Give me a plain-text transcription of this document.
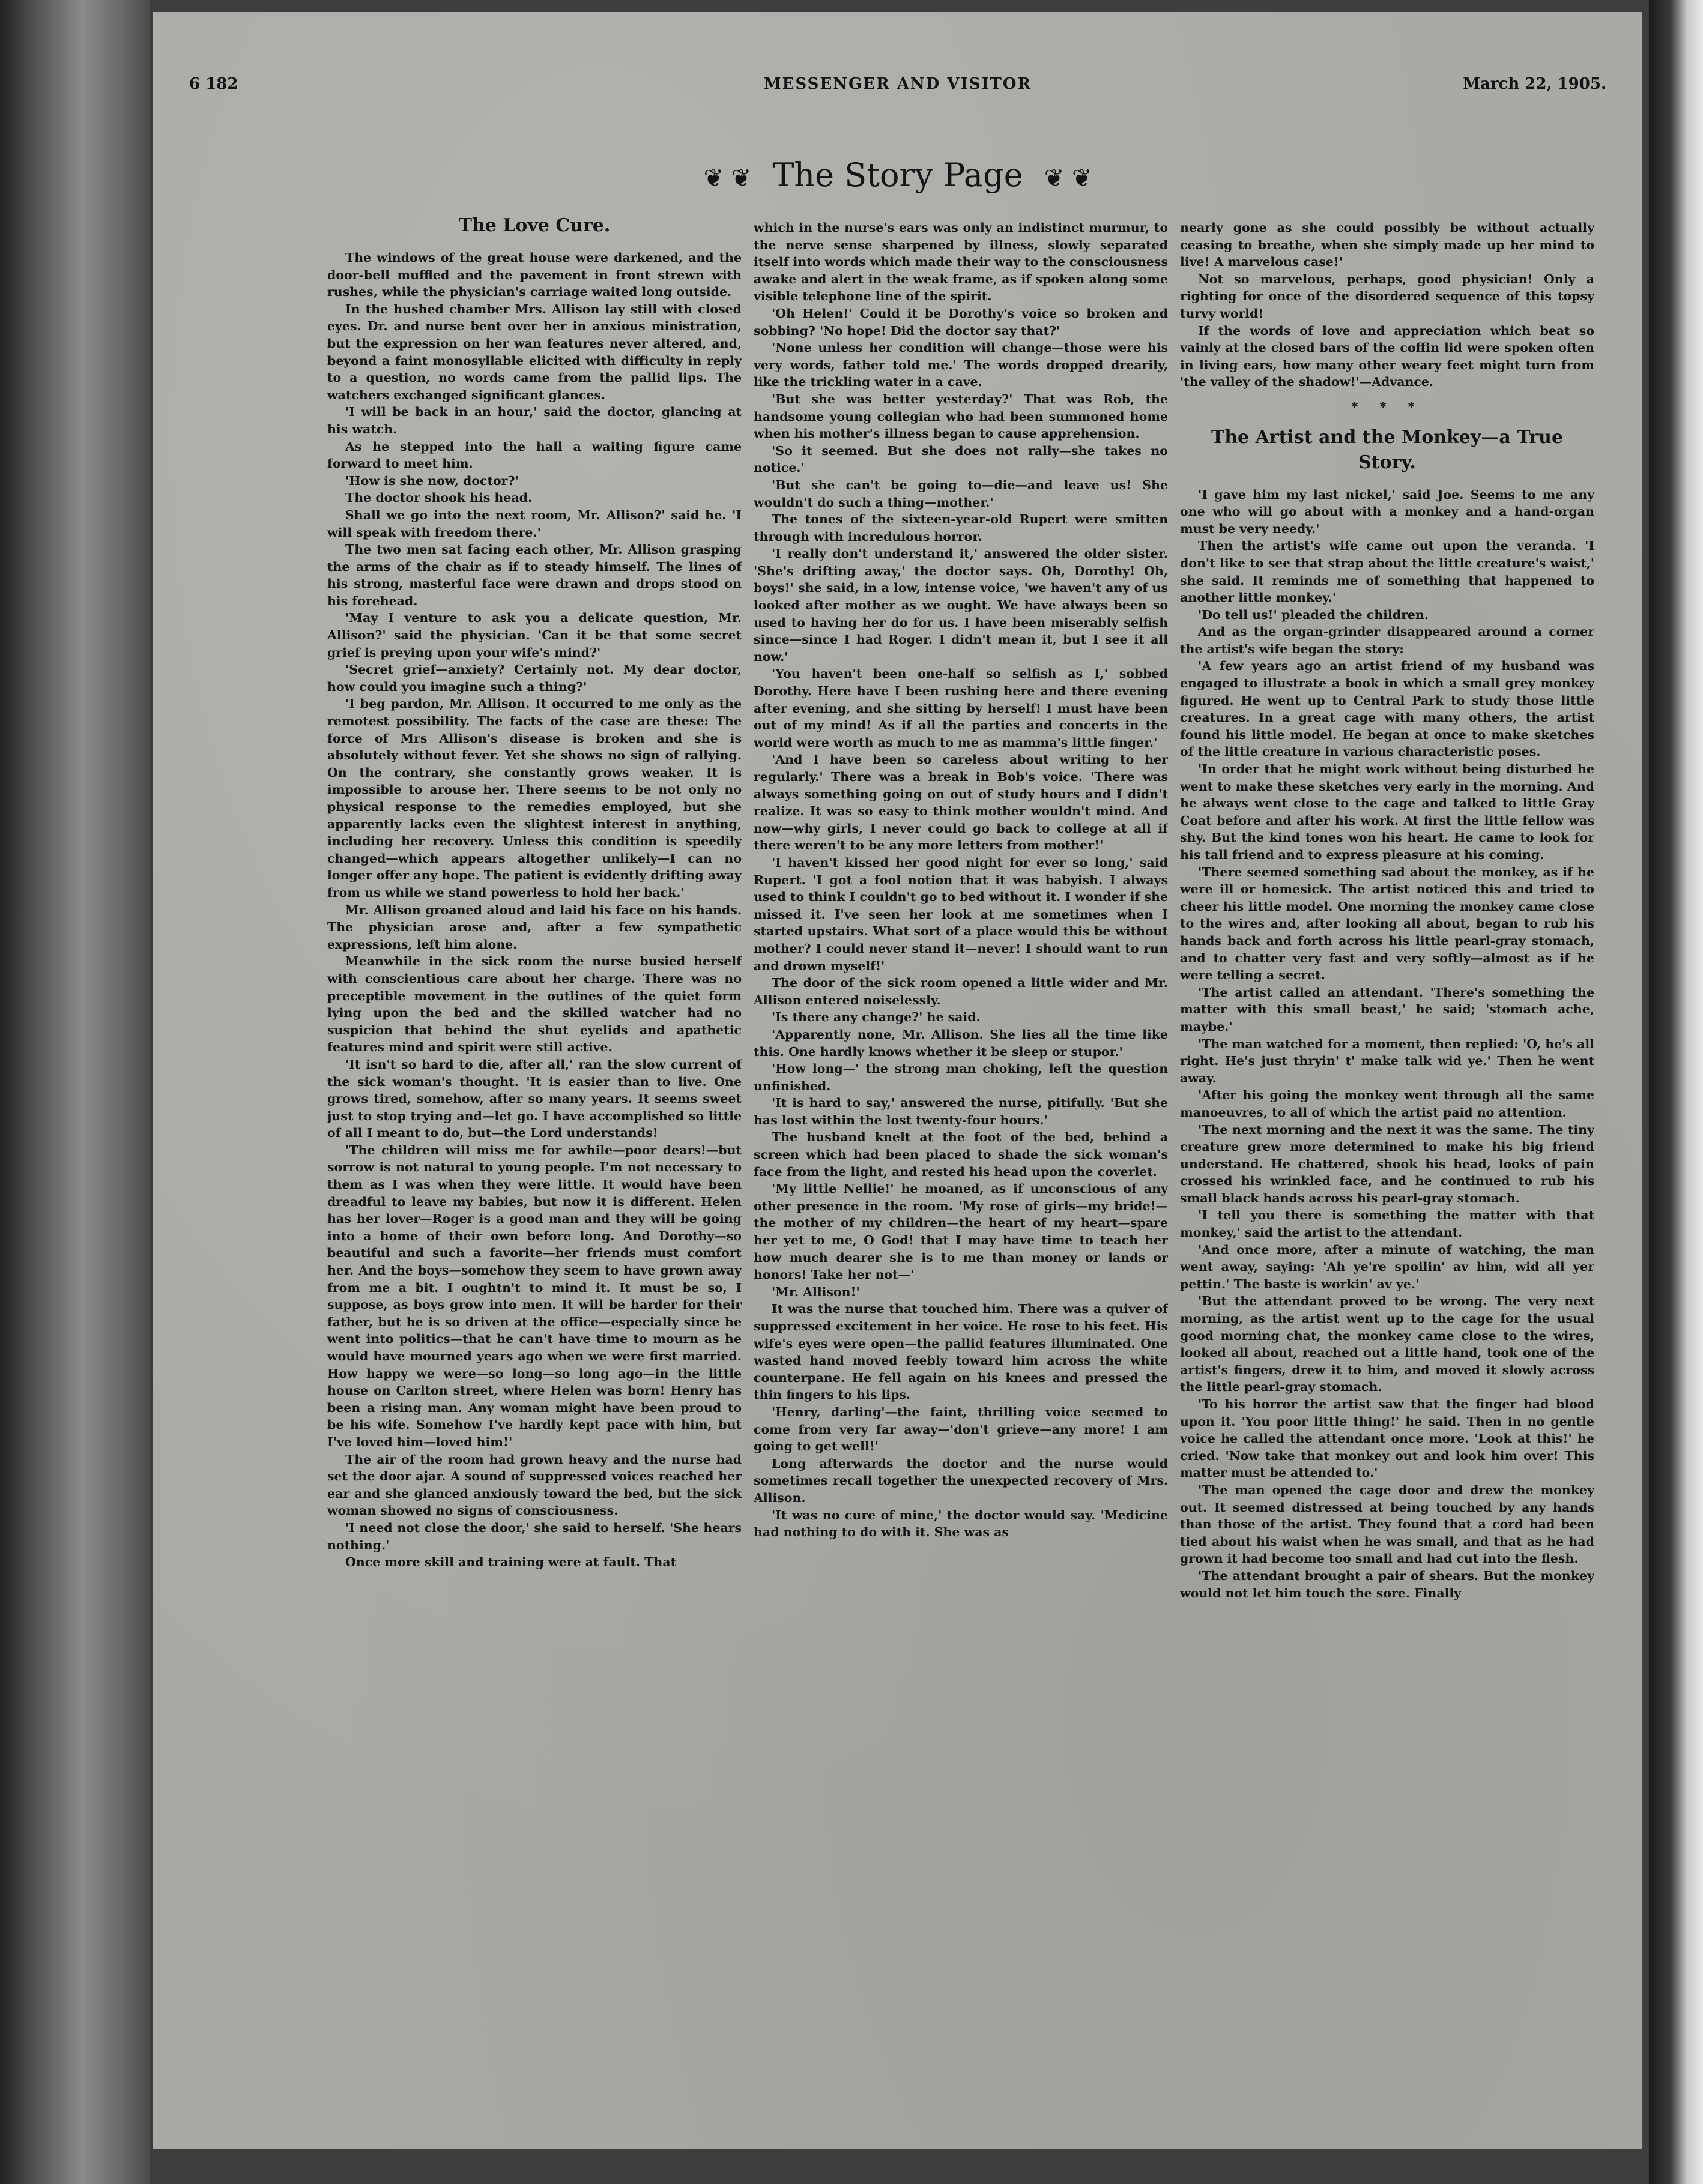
6 182	MESSENGER AND VISITOR	March 22, 1905.
❦ ❦ The Story Page ❦ ❦
The Love Cure.

The windows of the great house were darkened, and the door-bell muffled and the pavement in front strewn with rushes, while the physician's carriage waited long outside.

In the hushed chamber Mrs. Allison lay still with closed eyes. Dr. and nurse bent over her in anxious ministration, but the expression on her wan features never altered, and, beyond a faint monosyllable elicited with difficulty in reply to a question, no words came from the pallid lips. The watchers exchanged significant glances.

'I will be back in an hour,' said the doctor, glancing at his watch.

As he stepped into the hall a waiting figure came forward to meet him.

'How is she now, doctor?'

The doctor shook his head.

Shall we go into the next room, Mr. Allison?' said he. 'I will speak with freedom there.'

The two men sat facing each other, Mr. Allison grasping the arms of the chair as if to steady himself. The lines of his strong, masterful face were drawn and drops stood on his forehead.

'May I venture to ask you a delicate question, Mr. Allison?' said the physician. 'Can it be that some secret grief is preying upon your wife's mind?'

'Secret grief—anxiety? Certainly not. My dear doctor, how could you imagine such a thing?'

'I beg pardon, Mr. Allison. It occurred to me only as the remotest possibility. The facts of the case are these: The force of Mrs Allison's disease is broken and she is absolutely without fever. Yet she shows no sign of rallying. On the contrary, she constantly grows weaker. It is impossible to arouse her. There seems to be not only no physical response to the remedies employed, but she apparently lacks even the slightest interest in anything, including her recovery. Unless this condition is speedily changed—which appears altogether unlikely—I can no longer offer any hope. The patient is evidently drifting away from us while we stand powerless to hold her back.'

Mr. Allison groaned aloud and laid his face on his hands. The physician arose and, after a few sympathetic expressions, left him alone.

Meanwhile in the sick room the nurse busied herself with conscientious care about her charge. There was no preceptible movement in the outlines of the quiet form lying upon the bed and the skilled watcher had no suspicion that behind the shut eyelids and apathetic features mind and spirit were still active.

'It isn't so hard to die, after all,' ran the slow current of the sick woman's thought. 'It is easier than to live. One grows tired, somehow, after so many years. It seems sweet just to stop trying and—let go. I have accomplished so little of all I meant to do, but—the Lord understands!

'The children will miss me for awhile—poor dears!—but sorrow is not natural to young people. I'm not necessary to them as I was when they were little. It would have been dreadful to leave my babies, but now it is different. Helen has her lover—Roger is a good man and they will be going into a home of their own before long. And Dorothy—so beautiful and such a favorite—her friends must comfort her. And the boys—somehow they seem to have grown away from me a bit. I oughtn't to mind it. It must be so, I suppose, as boys grow into men. It will be harder for their father, but he is so driven at the office—especially since he went into politics—that he can't have time to mourn as he would have mourned years ago when we were first married. How happy we were—so long—so long ago—in the little house on Carlton street, where Helen was born! Henry has been a rising man. Any woman might have been proud to be his wife. Somehow I've hardly kept pace with him, but I've loved him—loved him!'

The air of the room had grown heavy and the nurse had set the door ajar. A sound of suppressed voices reached her ear and she glanced anxiously toward the bed, but the sick woman showed no signs of consciousness.

'I need not close the door,' she said to herself. 'She hears nothing.'

Once more skill and training were at fault. That

which in the nurse's ears was only an indistinct murmur, to the nerve sense sharpened by illness, slowly separated itself into words which made their way to the consciousness awake and alert in the weak frame, as if spoken along some visible telephone line of the spirit.

'Oh Helen!' Could it be Dorothy's voice so broken and sobbing? 'No hope! Did the doctor say that?'

'None unless her condition will change—those were his very words, father told me.' The words dropped drearily, like the trickling water in a cave.

'But she was better yesterday?' That was Rob, the handsome young collegian who had been summoned home when his mother's illness began to cause apprehension.

'So it seemed. But she does not rally—she takes no notice.'

'But she can't be going to—die—and leave us! She wouldn't do such a thing—mother.'

The tones of the sixteen-year-old Rupert were smitten through with incredulous horror.

'I really don't understand it,' answered the older sister. 'She's drifting away,' the doctor says. Oh, Dorothy! Oh, boys!' she said, in a low, intense voice, 'we haven't any of us looked after mother as we ought. We have always been so used to having her do for us. I have been miserably selfish since—since I had Roger. I didn't mean it, but I see it all now.'

'You haven't been one-half so selfish as I,' sobbed Dorothy. Here have I been rushing here and there evening after evening, and she sitting by herself! I must have been out of my mind! As if all the parties and concerts in the world were worth as much to me as mamma's little finger.'

'And I have been so careless about writing to her regularly.' There was a break in Bob's voice. 'There was always something going on out of study hours and I didn't realize. It was so easy to think mother wouldn't mind. And now—why girls, I never could go back to college at all if there weren't to be any more letters from mother!'

'I haven't kissed her good night for ever so long,' said Rupert. 'I got a fool notion that it was babyish. I always used to think I couldn't go to bed without it. I wonder if she missed it. I've seen her look at me sometimes when I started upstairs. What sort of a place would this be without mother? I could never stand it—never! I should want to run and drown myself!'

The door of the sick room opened a little wider and Mr. Allison entered noiselessly.

'Is there any change?' he said.

'Apparently none, Mr. Allison. She lies all the time like this. One hardly knows whether it be sleep or stupor.'

'How long—' the strong man choking, left the question unfinished.

'It is hard to say,' answered the nurse, pitifully. 'But she has lost within the lost twenty-four hours.'

The husband knelt at the foot of the bed, behind a screen which had been placed to shade the sick woman's face from the light, and rested his head upon the coverlet.

'My little Nellie!' he moaned, as if unconscious of any other presence in the room. 'My rose of girls—my bride!—the mother of my children—the heart of my heart—spare her yet to me, O God! that I may have time to teach her how much dearer she is to me than money or lands or honors! Take her not—'

'Mr. Allison!'

It was the nurse that touched him. There was a quiver of suppressed excitement in her voice. He rose to his feet. His wife's eyes were open—the pallid features illuminated. One wasted hand moved feebly toward him across the white counterpane. He fell again on his knees and pressed the thin fingers to his lips.

'Henry, darling'—the faint, thrilling voice seemed to come from very far away—'don't grieve—any more! I am going to get well!'

Long afterwards the doctor and the nurse would sometimes recall together the unexpected recovery of Mrs. Allison.

'It was no cure of mine,' the doctor would say. 'Medicine had nothing to do with it. She was as

nearly gone as she could possibly be without actually ceasing to breathe, when she simply made up her mind to live! A marvelous case!'

Not so marvelous, perhaps, good physician! Only a righting for once of the disordered sequence of this topsy turvy world!

If the words of love and appreciation which beat so vainly at the closed bars of the coffin lid were spoken often in living ears, how many other weary feet might turn from 'the valley of the shadow!'—Advance.

* * *
The Artist and the Monkey—a True Story.

'I gave him my last nickel,' said Joe. Seems to me any one who will go about with a monkey and a hand-organ must be very needy.'

Then the artist's wife came out upon the veranda. 'I don't like to see that strap about the little creature's waist,' she said. It reminds me of something that happened to another little monkey.'

'Do tell us!' pleaded the children.

And as the organ-grinder disappeared around a corner the artist's wife began the story:

'A few years ago an artist friend of my husband was engaged to illustrate a book in which a small grey monkey figured. He went up to Central Park to study those little creatures. In a great cage with many others, the artist found his little model. He began at once to make sketches of the little creature in various characteristic poses.

'In order that he might work without being disturbed he went to make these sketches very early in the morning. And he always went close to the cage and talked to little Gray Coat before and after his work. At first the little fellow was shy. But the kind tones won his heart. He came to look for his tall friend and to express pleasure at his coming.

'There seemed something sad about the monkey, as if he were ill or homesick. The artist noticed this and tried to cheer his little model. One morning the monkey came close to the wires and, after looking all about, began to rub his hands back and forth across his little pearl-gray stomach, and to chatter very fast and very softly—almost as if he were telling a secret.

'The artist called an attendant. 'There's something the matter with this small beast,' he said; 'stomach ache, maybe.'

'The man watched for a moment, then replied: 'O, he's all right. He's just thryin' t' make talk wid ye.' Then he went away.

'After his going the monkey went through all the same manoeuvres, to all of which the artist paid no attention.

'The next morning and the next it was the same. The tiny creature grew more determined to make his big friend understand. He chattered, shook his head, looks of pain crossed his wrinkled face, and he continued to rub his small black hands across his pearl-gray stomach.

'I tell you there is something the matter with that monkey,' said the artist to the attendant.

'And once more, after a minute of watching, the man went away, saying: 'Ah ye're spoilin' av him, wid all yer pettin.' The baste is workin' av ye.'

'But the attendant proved to be wrong. The very next morning, as the artist went up to the cage for the usual good morning chat, the monkey came close to the wires, looked all about, reached out a little hand, took one of the artist's fingers, drew it to him, and moved it slowly across the little pearl-gray stomach.

'To his horror the artist saw that the finger had blood upon it. 'You poor little thing!' he said. Then in no gentle voice he called the attendant once more. 'Look at this!' he cried. 'Now take that monkey out and look him over! This matter must be attended to.'

'The man opened the cage door and drew the monkey out. It seemed distressed at being touched by any hands than those of the artist. They found that a cord had been tied about his waist when he was small, and that as he had grown it had become too small and had cut into the flesh.

'The attendant brought a pair of shears. But the monkey would not let him touch the sore. Finally
